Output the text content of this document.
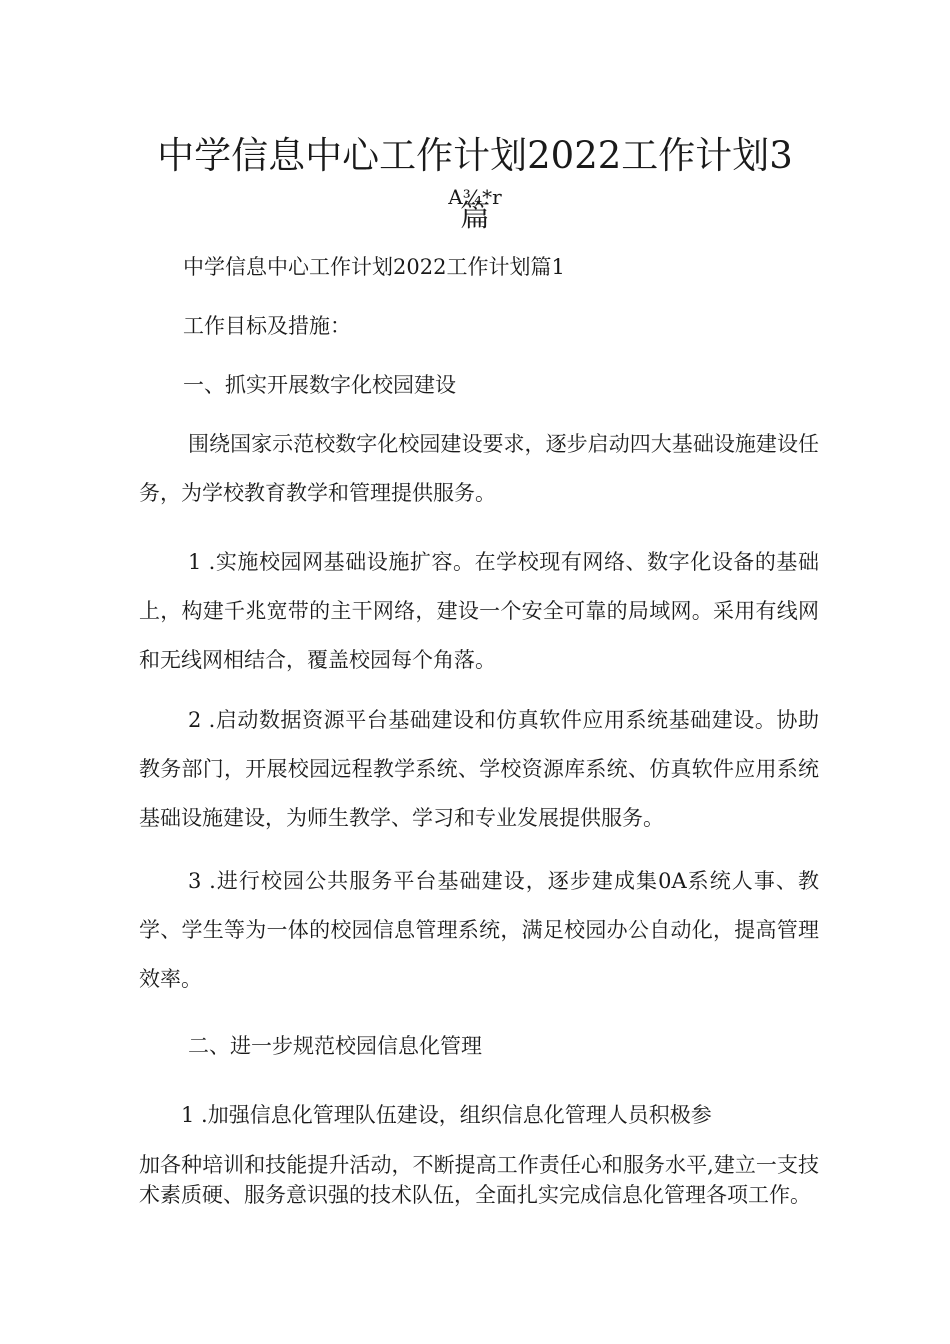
中学信息中心工作计划2022工作计划3
A¾*r
篇
中学信息中心工作计划2022工作计划篇1
工作目标及措施：
一、抓实开展数字化校园建设
围绕国家示范校数字化校园建设要求，逐步启动四大基础设施建设任务，为学校教育教学和管理提供服务。
1 .实施校园网基础设施扩容。在学校现有网络、数字化设备的基础上，构建千兆宽带的主干网络，建设一个安全可靠的局域网。采用有线网和无线网相结合，覆盖校园每个角落。
2 .启动数据资源平台基础建设和仿真软件应用系统基础建设。协助教务部门，开展校园远程教学系统、学校资源库系统、仿真软件应用系统基础设施建设，为师生教学、学习和专业发展提供服务。
3 .进行校园公共服务平台基础建设，逐步建成集0A系统人事、教学、学生等为一体的校园信息管理系统，满足校园办公自动化，提高管理效率。
二、进一步规范校园信息化管理
1 .加强信息化管理队伍建设，组织信息化管理人员积极参
加各种培训和技能提升活动，不断提高工作责任心和服务水平,建立一支技术素质硬、服务意识强的技术队伍，全面扎实完成信息化管理各项工作。
